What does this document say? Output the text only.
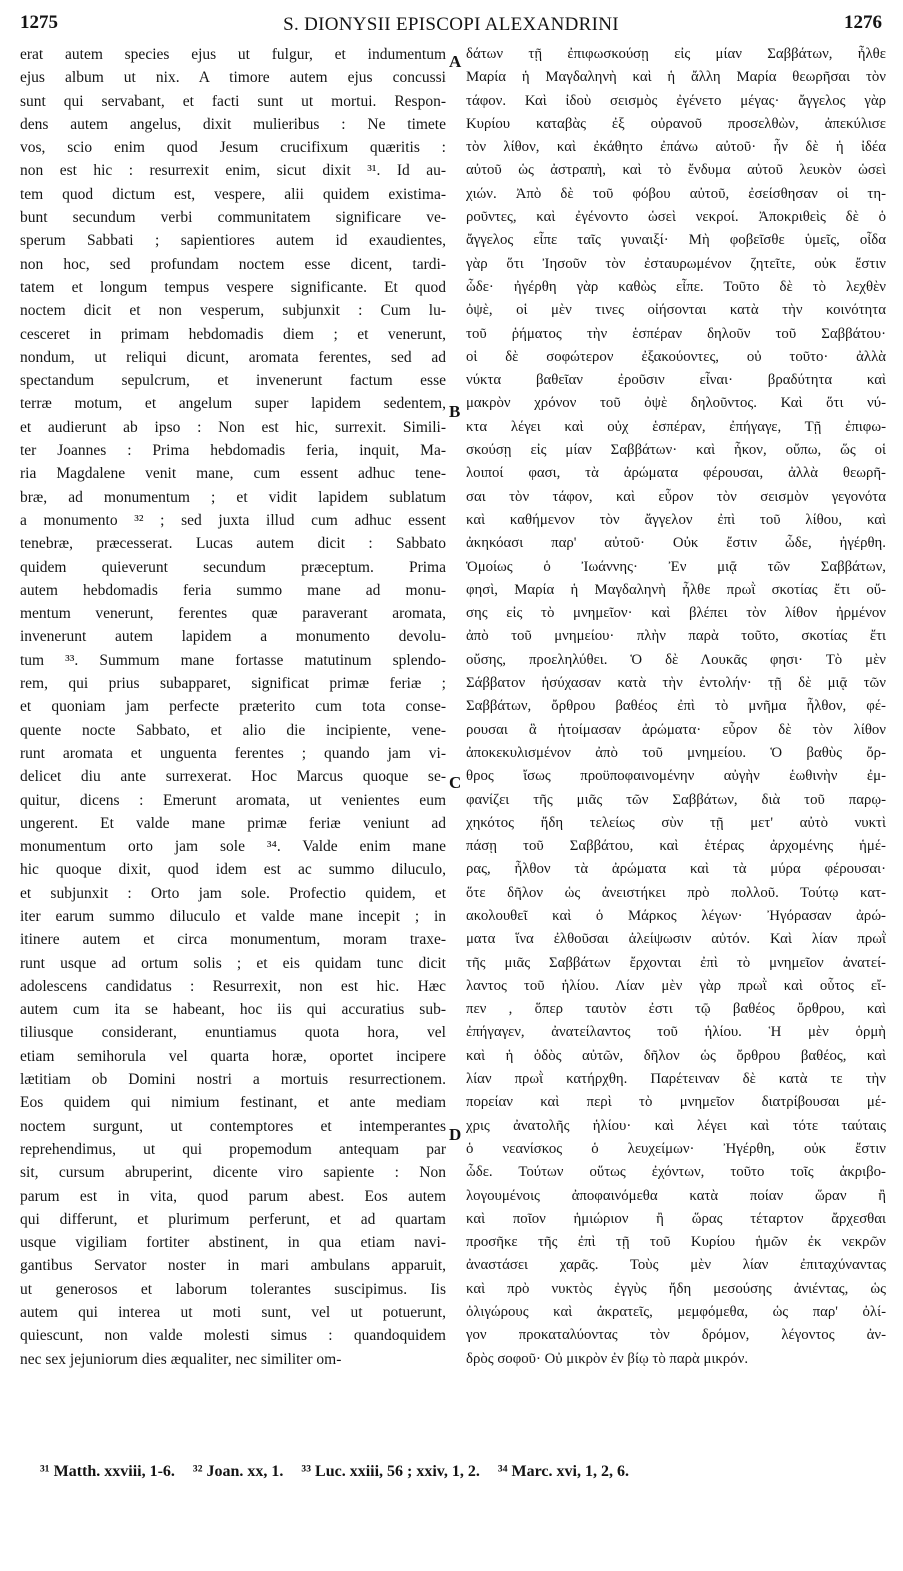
1275	S. DIONYSII EPISCOPI ALEXANDRINI	1276
erat autem species ejus ut fulgur, et indumentum
ejus album ut nix. A timore autem ejus concussi
sunt qui servabant, et facti sunt ut mortui. Respon-
dens autem angelus, dixit mulieribus : Ne timete
vos, scio enim quod Jesum crucifixum quæritis :
non est hic : resurrexit enim, sicut dixit ³¹. Id au-
tem quod dictum est, vespere, alii quidem existima-
bunt secundum verbi communitatem significare ve-
sperum Sabbati ; sapientiores autem id exaudientes,
non hoc, sed profundam noctem esse dicent, tardi-
tatem et longum tempus vespere significante. Et quod
noctem dicit et non vesperum, subjunxit : Cum lu-
cesceret in primam hebdomadis diem ; et venerunt,
nondum, ut reliqui dicunt, aromata ferentes, sed ad
spectandum sepulcrum, et invenerunt factum esse
terræ motum, et angelum super lapidem sedentem,
et audierunt ab ipso : Non est hic, surrexit. Simili-
ter Joannes : Prima hebdomadis feria, inquit, Ma-
ria Magdalene venit mane, cum essent adhuc tene-
bræ, ad monumentum ; et vidit lapidem sublatum
a monumento ³² ; sed juxta illud cum adhuc essent
tenebræ, præcesserat. Lucas autem dicit : Sabbato
quidem quieverunt secundum præceptum. Prima
autem hebdomadis feria summo mane ad monu-
mentum venerunt, ferentes quæ paraverant aromata,
invenerunt autem lapidem a monumento devolu-
tum ³³. Summum mane fortasse matutinum splendo-
rem, qui prius subapparet, significat primæ feriæ ;
et quoniam jam perfecte præterito cum tota conse-
quente nocte Sabbato, et alio die incipiente, vene-
runt aromata et unguenta ferentes ; quando jam vi-
delicet diu ante surrexerat. Hoc Marcus quoque se-
quitur, dicens : Emerunt aromata, ut venientes eum
ungerent. Et valde mane primæ feriæ veniunt ad
monumentum orto jam sole ³⁴. Valde enim mane
hic quoque dixit, quod idem est ac summo diluculo,
et subjunxit : Orto jam sole. Profectio quidem, et
iter earum summo diluculo et valde mane incepit ; in
itinere autem et circa monumentum, moram traxe-
runt usque ad ortum solis ; et eis quidam tunc dicit
adolescens candidatus : Resurrexit, non est hic. Hæc
autem cum ita se habeant, hoc iis qui accuratius sub-
tiliusque considerant, enuntiamus quota hora, vel
etiam semihorula vel quarta horæ, oportet incipere
lætitiam ob Domini nostri a mortuis resurrectionem.
Eos quidem qui nimium festinant, et ante mediam
noctem surgunt, ut contemptores et intemperantes
reprehendimus, ut qui propemodum antequam par
sit, cursum abruperint, dicente viro sapiente : Non
parum est in vita, quod parum abest. Eos autem
qui differunt, et plurimum perferunt, et ad quartam
usque vigiliam fortiter abstinent, in qua etiam navi-
gantibus Servator noster in mari ambulans apparuit,
ut generosos et laborum tolerantes suscipimus. Iis
autem qui interea ut moti sunt, vel ut potuerunt,
quiescunt, non valde molesti simus : quandoquidem
nec sex jejuniorum dies æqualiter, nec similiter om-
A
B
C
D
δάτων τῇ ἐπιφωσκούσῃ εἰς μίαν Σαββάτων, ἦλθε
Μαρία ἡ Μαγδαληνὴ καὶ ἡ ἄλλη Μαρία θεωρῆσαι τὸν
τάφον. Καὶ ἰδοὺ σεισμὸς ἐγένετο μέγας· ἄγγελος γὰρ
Κυρίου καταβὰς ἐξ οὐρανοῦ προσελθὼν, ἀπεκύλισε
τὸν λίθον, καὶ ἐκάθητο ἐπάνω αὐτοῦ· ἦν δὲ ἡ ἰδέα
αὐτοῦ ὡς ἀστραπὴ, καὶ τὸ ἔνδυμα αὐτοῦ λευκὸν ὡσεὶ
χιών. Ἀπὸ δὲ τοῦ φόβου αὐτοῦ, ἐσείσθησαν οἱ τη-
ροῦντες, καὶ ἐγένοντο ὡσεὶ νεκροί. Ἀποκριθεὶς δὲ ὁ
ἄγγελος εἶπε ταῖς γυναιξί· Μὴ φοβεῖσθε ὑμεῖς, οἶδα
γὰρ ὅτι Ἰησοῦν τὸν ἐσταυρωμένον ζητεῖτε, οὐκ ἔστιν
ὧδε· ἠγέρθη γὰρ καθὼς εἶπε. Τοῦτο δὲ τὸ λεχθὲν
ὀψὲ, οἱ μὲν τινες οἰήσονται κατὰ τὴν κοινότητα
τοῦ ῥήματος τὴν ἑσπέραν δηλοῦν τοῦ Σαββάτου·
οἱ δὲ σοφώτερον ἐξακούοντες, οὐ τοῦτο· ἀλλὰ
νύκτα βαθεῖαν ἐροῦσιν εἶναι· βραδύτητα καὶ
μακρὸν χρόνον τοῦ ὀψὲ δηλοῦντος. Καὶ ὅτι νύ-
κτα λέγει καὶ οὐχ ἑσπέραν, ἐπήγαγε, Τῇ ἐπιφω-
σκούσῃ εἰς μίαν Σαββάτων· καὶ ἧκον, οὔπω, ὥς οἱ
λοιποί φασι, τὰ ἀρώματα φέρουσαι, ἀλλὰ θεωρῆ-
σαι τὸν τάφον, καὶ εὗρον τὸν σεισμὸν γεγονότα
καὶ καθήμενον τὸν ἄγγελον ἐπὶ τοῦ λίθου, καὶ
ἀκηκόασι παρ' αὐτοῦ· Οὐκ ἔστιν ὧδε, ἠγέρθη.
Ὁμοίως ὁ Ἰωάννης· Ἐν μιᾷ τῶν Σαββάτων,
φησὶ, Μαρία ἡ Μαγδαληνὴ ἦλθε πρωῒ σκοτίας ἔτι οὔ-
σης εἰς τὸ μνημεῖον· καὶ βλέπει τὸν λίθον ἠρμένον
ἀπὸ τοῦ μνημείου· πλὴν παρὰ τοῦτο, σκοτίας ἔτι
οὔσης, προεληλύθει. Ὁ δὲ Λουκᾶς φησι· Τὸ μὲν
Σάββατον ἡσύχασαν κατὰ τὴν ἐντολήν· τῇ δὲ μιᾷ τῶν
Σαββάτων, ὄρθρου βαθέος ἐπὶ τὸ μνῆμα ἦλθον, φέ-
ρουσαι ἃ ἡτοίμασαν ἀρώματα· εὗρον δὲ τὸν λίθον
ἀποκεκυλισμένον ἀπὸ τοῦ μνημείου. Ὁ βαθὺς ὄρ-
θρος ἴσως προϋποφαινομένην αὐγὴν ἑωθινὴν ἐμ-
φανίζει τῆς μιᾶς τῶν Σαββάτων, διὰ τοῦ παρῳ-
χηκότος ἤδη τελείως σὺν τῇ μετ' αὐτὸ νυκτὶ
πάσῃ τοῦ Σαββάτου, καὶ ἑτέρας ἀρχομένης ἡμέ-
ρας, ἦλθον τὰ ἀρώματα καὶ τὰ μύρα φέρουσαι·
ὅτε δῆλον ὡς ἀνειστήκει πρὸ πολλοῦ. Τούτῳ κατ-
ακολουθεῖ καὶ ὁ Μάρκος λέγων· Ἠγόρασαν ἀρώ-
ματα ἵνα ἐλθοῦσαι ἀλείψωσιν αὐτόν. Καὶ λίαν πρωῒ
τῆς μιᾶς Σαββάτων ἔρχονται ἐπὶ τὸ μνημεῖον ἀνατεί-
λαντος τοῦ ἡλίου. Λίαν μὲν γὰρ πρωῒ καὶ οὗτος εἴ-
πεν , ὅπερ ταυτὸν ἐστι τῷ βαθέος ὄρθρου, καὶ
ἐπήγαγεν, ἀνατείλαντος τοῦ ἡλίου. Ἡ μὲν ὁρμὴ
καὶ ἡ ὁδὸς αὐτῶν, δῆλον ὡς ὄρθρου βαθέος, καὶ
λίαν πρωῒ κατήρχθη. Παρέτειναν δὲ κατὰ τε τὴν
πορείαν καὶ περὶ τὸ μνημεῖον διατρίβουσαι μέ-
χρις ἀνατολῆς ἡλίου· καὶ λέγει καὶ τότε ταύταις
ὁ νεανίσκος ὁ λευχείμων· Ἠγέρθη, οὐκ ἔστιν
ὧδε. Τούτων οὕτως ἐχόντων, τοῦτο τοῖς ἀκριβο-
λογουμένοις ἀποφαινόμεθα κατὰ ποίαν ὥραν ἢ
καὶ ποῖον ἡμιώριον ἢ ὥρας τέταρτον ἄρχεσθαι
προσῆκε τῆς ἐπὶ τῇ τοῦ Κυρίου ἡμῶν ἐκ νεκρῶν
ἀναστάσει χαρᾶς. Τοὺς μὲν λίαν ἐπιταχύναντας
καὶ πρὸ νυκτὸς ἐγγὺς ἤδη μεσούσης ἀνιέντας, ὡς
ὀλιγώρους καὶ ἀκρατεῖς, μεμφόμεθα, ὡς παρ' ὀλί-
γον προκαταλύοντας τὸν δρόμον, λέγοντος ἀν-
δρὸς σοφοῦ· Οὐ μικρὸν ἐν βίῳ τὸ παρὰ μικρόν.
³¹ Matth. xxviii, 1-6. ³² Joan. xx, 1. ³³ Luc. xxiii, 56 ; xxiv, 1, 2. ³⁴ Marc. xvi, 1, 2, 6.
